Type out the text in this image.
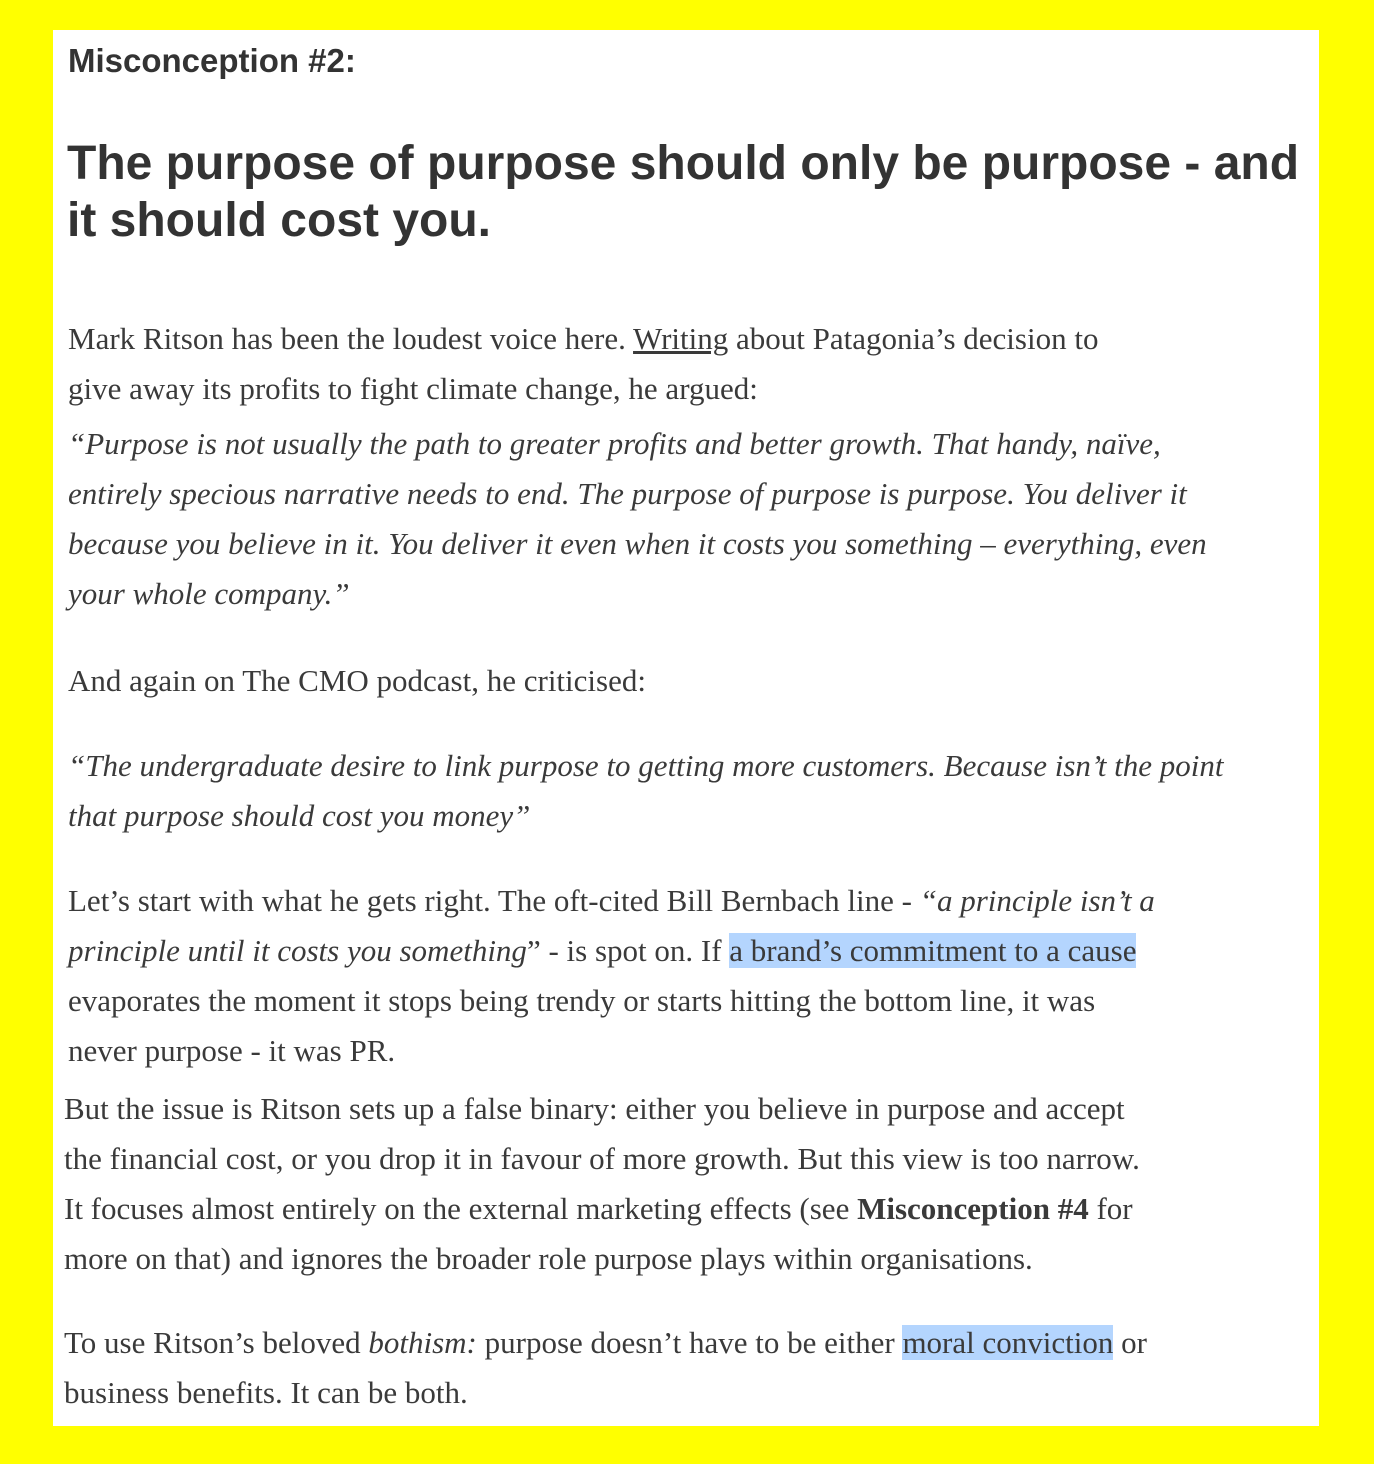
Misconception #2:
The purpose of purpose should only be purpose - and it should cost you.

Mark Ritson has been the loudest voice here. Writing about Patagonia’s decision to
give away its profits to fight climate change, he argued:

“Purpose is not usually the path to greater profits and better growth. That handy, naïve,
entirely specious narrative needs to end. The purpose of purpose is purpose. You deliver it
because you believe in it. You deliver it even when it costs you something – everything, even
your whole company.”

And again on The CMO podcast, he criticised:

“The undergraduate desire to link purpose to getting more customers. Because isn’t the point
that purpose should cost you money”

Let’s start with what he gets right. The oft-cited Bill Bernbach line - “a principle isn’t a
principle until it costs you something” - is spot on. If a brand’s commitment to a cause
evaporates the moment it stops being trendy or starts hitting the bottom line, it was
never purpose - it was PR.

But the issue is Ritson sets up a false binary: either you believe in purpose and accept
the financial cost, or you drop it in favour of more growth. But this view is too narrow.
It focuses almost entirely on the external marketing effects (see Misconception #4 for
more on that) and ignores the broader role purpose plays within organisations.

To use Ritson’s beloved bothism: purpose doesn’t have to be either moral conviction or
business benefits. It can be both.
